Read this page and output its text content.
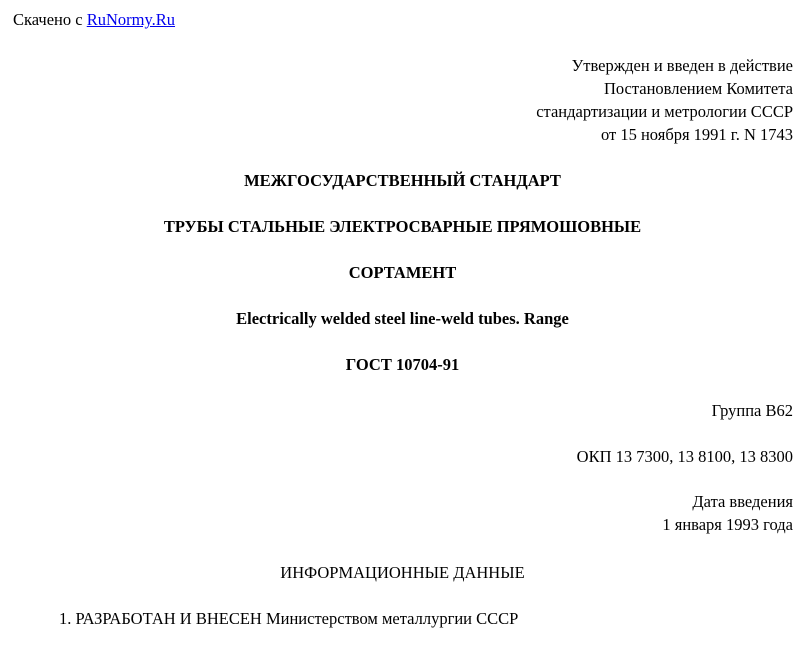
Скачено с RuNormy.Ru
Утвержден и введен в действие
Постановлением Комитета
стандартизации и метрологии СССР
от 15 ноября 1991 г. N 1743
МЕЖГОСУДАРСТВЕННЫЙ СТАНДАРТ
ТРУБЫ СТАЛЬНЫЕ ЭЛЕКТРОСВАРНЫЕ ПРЯМОШОВНЫЕ
СОРТАМЕНТ
Electrically welded steel line-weld tubes. Range
ГОСТ 10704-91
Группа В62
ОКП 13 7300, 13 8100, 13 8300
Дата введения
1 января 1993 года
ИНФОРМАЦИОННЫЕ ДАННЫЕ
1. РАЗРАБОТАН И ВНЕСЕН Министерством металлургии СССР
